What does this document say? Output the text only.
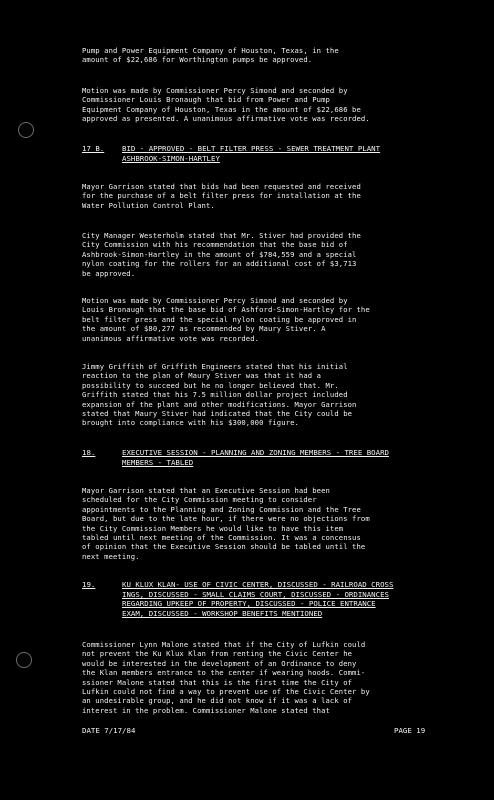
Pump and Power Equipment Company of Houston, Texas, in the
amount of $22,686 for Worthington pumps be approved.
Motion was made by Commissioner Percy Simond and seconded by
Commissioner Louis Bronaugh that bid from Power and Pump
Equipment Company of Houston, Texas in the amount of $22,686 be
approved as presented. A unanimous affirmative vote was recorded.
17 B. BID - APPROVED - BELT FILTER PRESS - SEWER TREATMENT PLANT
ASHBROOK-SIMON-HARTLEY
Mayor Garrison stated that bids had been requested and received
for the purchase of a belt filter press for installation at the
Water Pollution Control Plant.
City Manager Westerholm stated that Mr. Stiver had provided the
City Commission with his recommendation that the base bid of
Ashbrook-Simon-Hartley in the amount of $784,559 and a special
nylon coating for the rollers for an additional cost of $3,713
be approved.
Motion was made by Commissioner Percy Simond and seconded by
Louis Bronaugh that the base bid of Ashford-Simon-Hartley for the
belt filter press and the special nylon coating be approved in
the amount of $80,277 as recommended by Maury Stiver. A
unanimous affirmative vote was recorded.
Jimmy Griffith of Griffith Engineers stated that his initial
reaction to the plan of Maury Stiver was that it had a
possibility to succeed but he no longer believed that. Mr.
Griffith stated that his 7.5 million dollar project included
expansion of the plant and other modifications. Mayor Garrison
stated that Maury Stiver had indicated that the City could be
brought into compliance with his $300,000 figure.
18.	EXECUTIVE SESSION - PLANNING AND ZONING MEMBERS - TREE BOARD
MEMBERS - TABLED
Mayor Garrison stated that an Executive Session had been
scheduled for the City Commission meeting to consider
appointments to the Planning and Zoning Commission and the Tree
Board, but due to the late hour, if there were no objections from
the City Commission Members he would like to have this item
tabled until next meeting of the Commission. It was a concensus
of opinion that the Executive Session should be tabled until the
next meeting.
19.	KU KLUX KLAN- USE OF CIVIC CENTER, DISCUSSED - RAILROAD CROSS
INGS, DISCUSSED - SMALL CLAIMS COURT, DISCUSSED - ORDINANCES
REGARDING UPKEEP OF PROPERTY, DISCUSSED - POLICE ENTRANCE
EXAM, DISCUSSED - WORKSHOP BENEFITS MENTIONED
Commissioner Lynn Malone stated that if the City of Lufkin could
not prevent the Ku Klux Klan from renting the Civic Center he
would be interested in the development of an Ordinance to deny
the Klan members entrance to the center if wearing hoods. Commi-
ssioner Malone stated that this is the first time the City of
Lufkin could not find a way to prevent use of the Civic Center by
an undesirable group, and he did not know if it was a lack of
interest in the problem. Commissioner Malone stated that
DATE 7/17/84	PAGE 19
